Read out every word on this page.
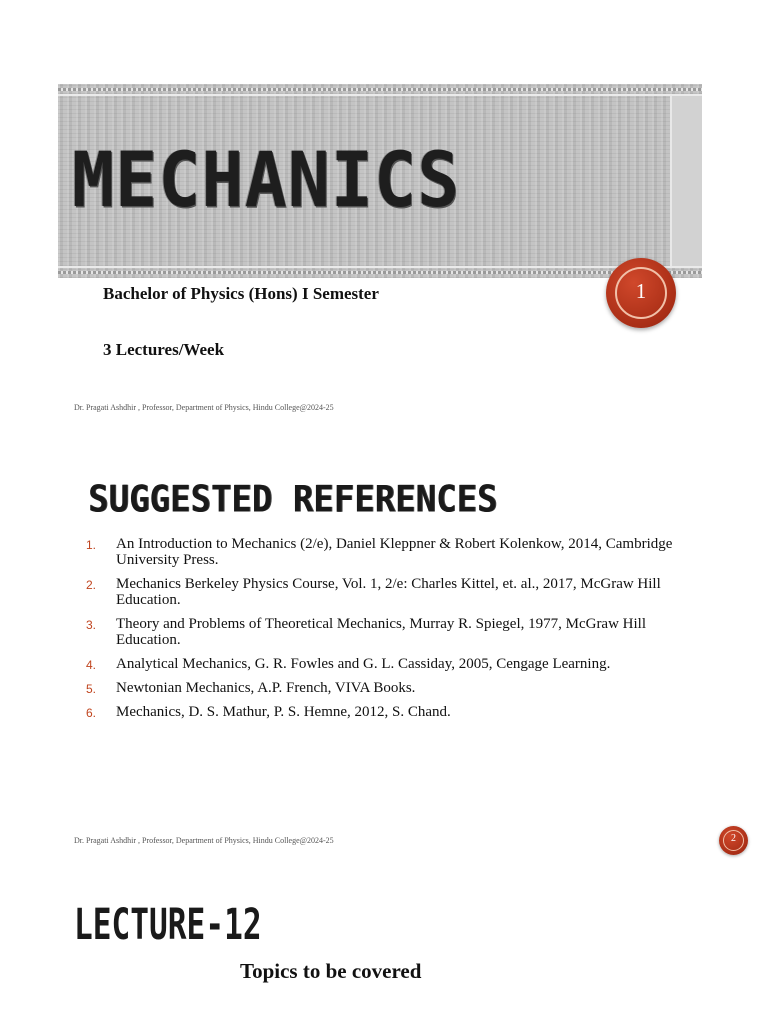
MECHANICS
Bachelor of Physics (Hons) I Semester
3 Lectures/Week
1
Dr. Pragati Ashdhir , Professor, Department of Physics, Hindu College@2024-25
SUGGESTED REFERENCES
1. An Introduction to Mechanics (2/e), Daniel Kleppner & Robert Kolenkow, 2014, Cambridge University Press.
2. Mechanics Berkeley Physics Course, Vol. 1, 2/e: Charles Kittel, et. al., 2017, McGraw Hill Education.
3. Theory and Problems of Theoretical Mechanics, Murray R. Spiegel, 1977, McGraw Hill Education.
4. Analytical Mechanics, G. R. Fowles and G. L. Cassiday, 2005, Cengage Learning.
5. Newtonian Mechanics, A.P. French, VIVA Books.
6. Mechanics, D. S. Mathur, P. S. Hemne, 2012, S. Chand.
Dr. Pragati Ashdhir , Professor, Department of Physics, Hindu College@2024-25	2
LECTURE-12
Topics to be covered
